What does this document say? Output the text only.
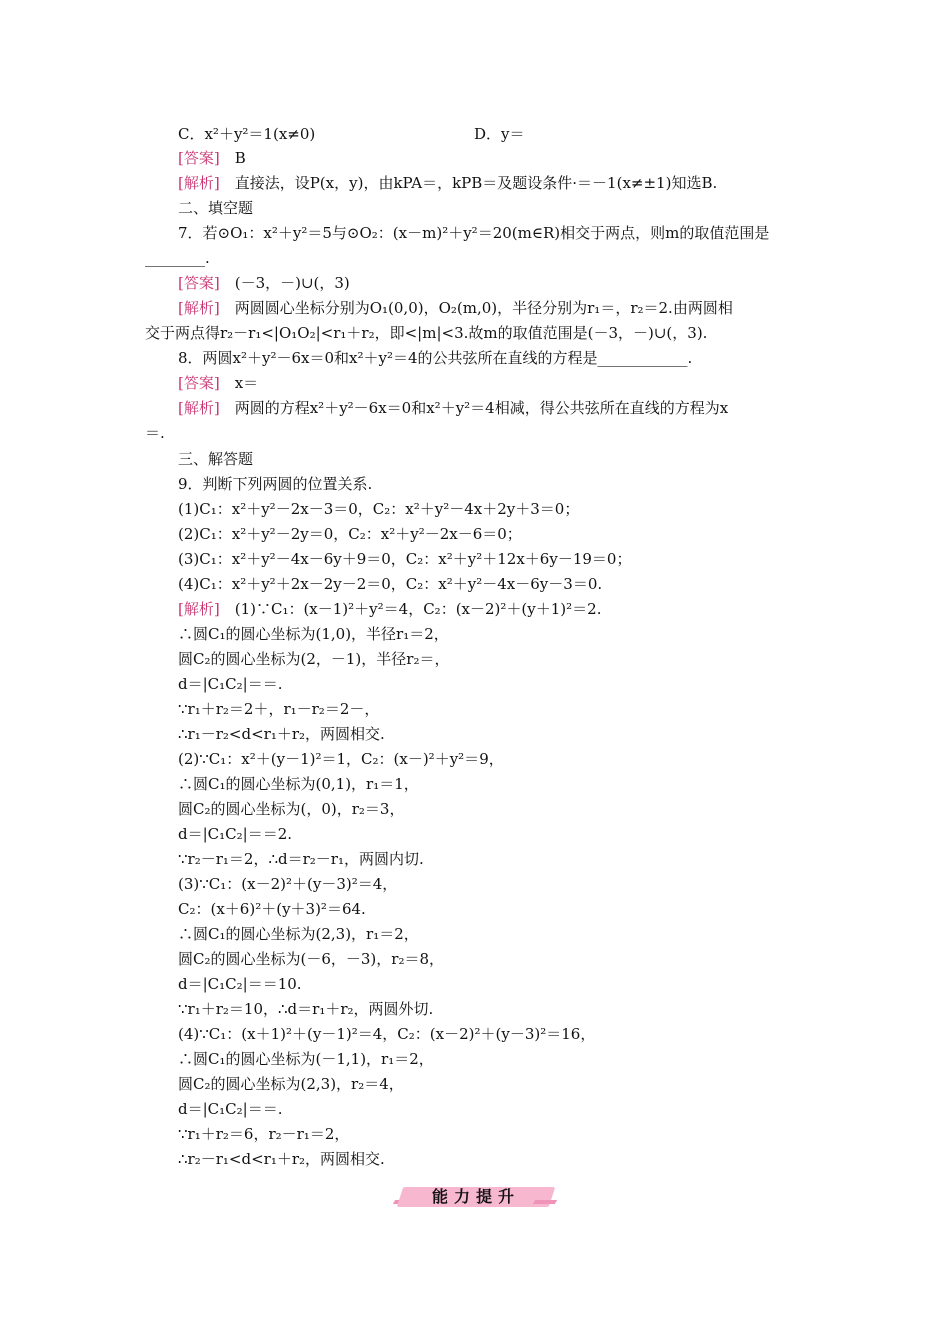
C．x²＋y²＝1(x≠0)	D．y＝
[答案]  B
[解析]  直接法，设P(x，y)，由kPA＝，kPB＝及题设条件·＝－1(x≠±1)知选B.
二、填空题
7．若⊙O₁：x²＋y²＝5与⊙O₂：(x－m)²＋y²＝20(m∈R)相交于两点，则m的取值范围是
________.
[答案]  (－3，－)∪(，3)
[解析]  两圆圆心坐标分别为O₁(0,0)，O₂(m,0)，半径分别为r₁＝，r₂＝2.由两圆相
交于两点得r₂－r₁<|O₁O₂|<r₁＋r₂，即<|m|<3.故m的取值范围是(－3，－)∪(，3).
8．两圆x²＋y²－6x＝0和x²＋y²＝4的公共弦所在直线的方程是____________.
[答案]  x＝
[解析]  两圆的方程x²＋y²－6x＝0和x²＋y²＝4相减，得公共弦所在直线的方程为x
＝.
三、解答题
9．判断下列两圆的位置关系.
(1)C₁：x²＋y²－2x－3＝0，C₂：x²＋y²－4x＋2y＋3＝0；
(2)C₁：x²＋y²－2y＝0，C₂：x²＋y²－2x－6＝0；
(3)C₁：x²＋y²－4x－6y＋9＝0，C₂：x²＋y²＋12x＋6y－19＝0；
(4)C₁：x²＋y²＋2x－2y－2＝0，C₂：x²＋y²－4x－6y－3＝0.
[解析]  (1)∵C₁：(x－1)²＋y²＝4，C₂：(x－2)²＋(y＋1)²＝2.
∴圆C₁的圆心坐标为(1,0)，半径r₁＝2，
圆C₂的圆心坐标为(2，－1)，半径r₂＝，
d＝|C₁C₂|＝＝.
∵r₁＋r₂＝2＋，r₁－r₂＝2－，
∴r₁－r₂<d<r₁＋r₂，两圆相交.
(2)∵C₁：x²＋(y－1)²＝1，C₂：(x－)²＋y²＝9，
∴圆C₁的圆心坐标为(0,1)，r₁＝1，
圆C₂的圆心坐标为(，0)，r₂＝3，
d＝|C₁C₂|＝＝2.
∵r₂－r₁＝2，∴d＝r₂－r₁，两圆内切.
(3)∵C₁：(x－2)²＋(y－3)²＝4，
C₂：(x＋6)²＋(y＋3)²＝64.
∴圆C₁的圆心坐标为(2,3)，r₁＝2，
圆C₂的圆心坐标为(－6，－3)，r₂＝8，
d＝|C₁C₂|＝＝10.
∵r₁＋r₂＝10，∴d＝r₁＋r₂，两圆外切.
(4)∵C₁：(x＋1)²＋(y－1)²＝4，C₂：(x－2)²＋(y－3)²＝16，
∴圆C₁的圆心坐标为(－1,1)，r₁＝2，
圆C₂的圆心坐标为(2,3)，r₂＝4，
d＝|C₁C₂|＝＝.
∵r₁＋r₂＝6，r₂－r₁＝2，
∴r₂－r₁<d<r₁＋r₂，两圆相交.
能力提升
